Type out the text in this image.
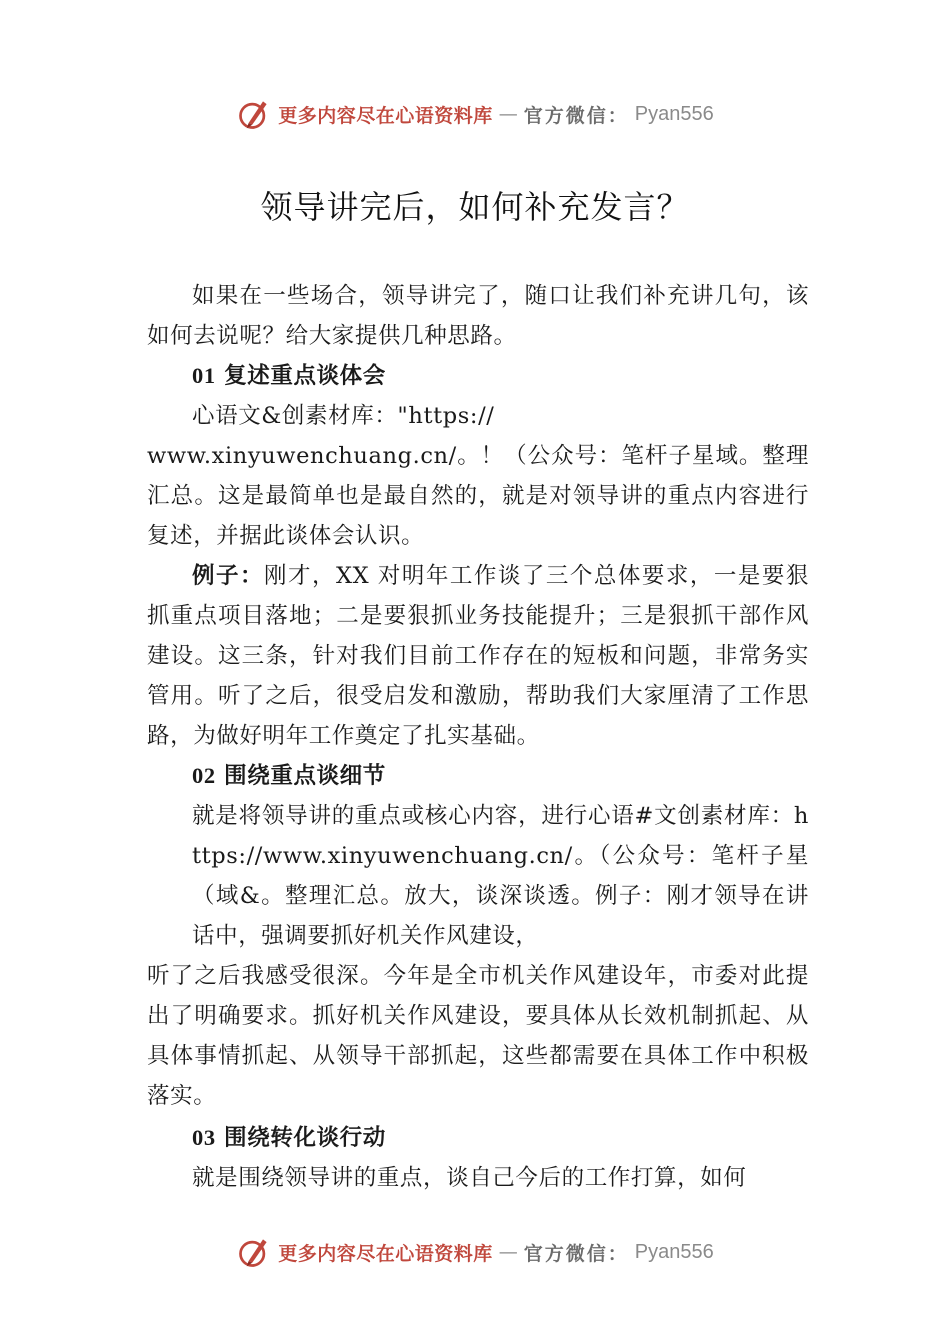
更多内容尽在心语资料库 — 官方微信： Pyan556
领导讲完后，如何补充发言？

如果在一些场合，领导讲完了，随口让我们补充讲几句，该如何去说呢？给大家提供几种思路。

01 复述重点谈体会

心语文&创素材库："https://

www.xinyuwenchuang.cn/。！（公众号：笔杆子星域。整理汇总。这是最简单也是最自然的，就是对领导讲的重点内容进行复述，并据此谈体会认识。

例子：刚才，XX 对明年工作谈了三个总体要求，一是要狠抓重点项目落地；二是要狠抓业务技能提升；三是狠抓干部作风建设。这三条，针对我们目前工作存在的短板和问题，非常务实管用。听了之后，很受启发和激励，帮助我们大家厘清了工作思路，为做好明年工作奠定了扎实基础。

02 围绕重点谈细节

就是将领导讲的重点或核心内容，进行心语#文创素材库：https://www.xinyuwenchuang.cn/。（公众号：笔杆子星（域&。整理汇总。放大，谈深谈透。例子：刚才领导在讲话中，强调要抓好机关作风建设，

听了之后我感受很深。今年是全市机关作风建设年，市委对此提出了明确要求。抓好机关作风建设，要具体从长效机制抓起、从具体事情抓起、从领导干部抓起，这些都需要在具体工作中积极落实。

03 围绕转化谈行动

就是围绕领导讲的重点，谈自己今后的工作打算，如何

更多内容尽在心语资料库 — 官方微信： Pyan556
